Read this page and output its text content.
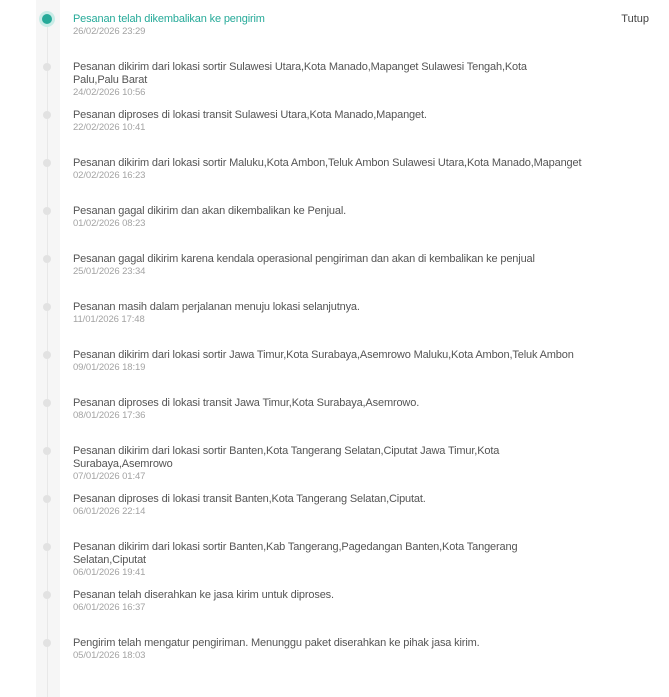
Pesanan telah dikembalikan ke pengirim
26/02/2026 23:29
Pesanan dikirim dari lokasi sortir Sulawesi Utara,Kota Manado,Mapanget Sulawesi Tengah,Kota Palu,Palu Barat
24/02/2026 10:56
Pesanan diproses di lokasi transit Sulawesi Utara,Kota Manado,Mapanget.
22/02/2026 10:41
Pesanan dikirim dari lokasi sortir Maluku,Kota Ambon,Teluk Ambon Sulawesi Utara,Kota Manado,Mapanget
02/02/2026 16:23
Pesanan gagal dikirim dan akan dikembalikan ke Penjual.
01/02/2026 08:23
Pesanan gagal dikirim karena kendala operasional pengiriman dan akan di kembalikan ke penjual
25/01/2026 23:34
Pesanan masih dalam perjalanan menuju lokasi selanjutnya.
11/01/2026 17:48
Pesanan dikirim dari lokasi sortir Jawa Timur,Kota Surabaya,Asemrowo Maluku,Kota Ambon,Teluk Ambon
09/01/2026 18:19
Pesanan diproses di lokasi transit Jawa Timur,Kota Surabaya,Asemrowo.
08/01/2026 17:36
Pesanan dikirim dari lokasi sortir Banten,Kota Tangerang Selatan,Ciputat Jawa Timur,Kota Surabaya,Asemrowo
07/01/2026 01:47
Pesanan diproses di lokasi transit Banten,Kota Tangerang Selatan,Ciputat.
06/01/2026 22:14
Pesanan dikirim dari lokasi sortir Banten,Kab Tangerang,Pagedangan Banten,Kota Tangerang Selatan,Ciputat
06/01/2026 19:41
Pesanan telah diserahkan ke jasa kirim untuk diproses.
06/01/2026 16:37
Pengirim telah mengatur pengiriman. Menunggu paket diserahkan ke pihak jasa kirim.
05/01/2026 18:03
Tutup
